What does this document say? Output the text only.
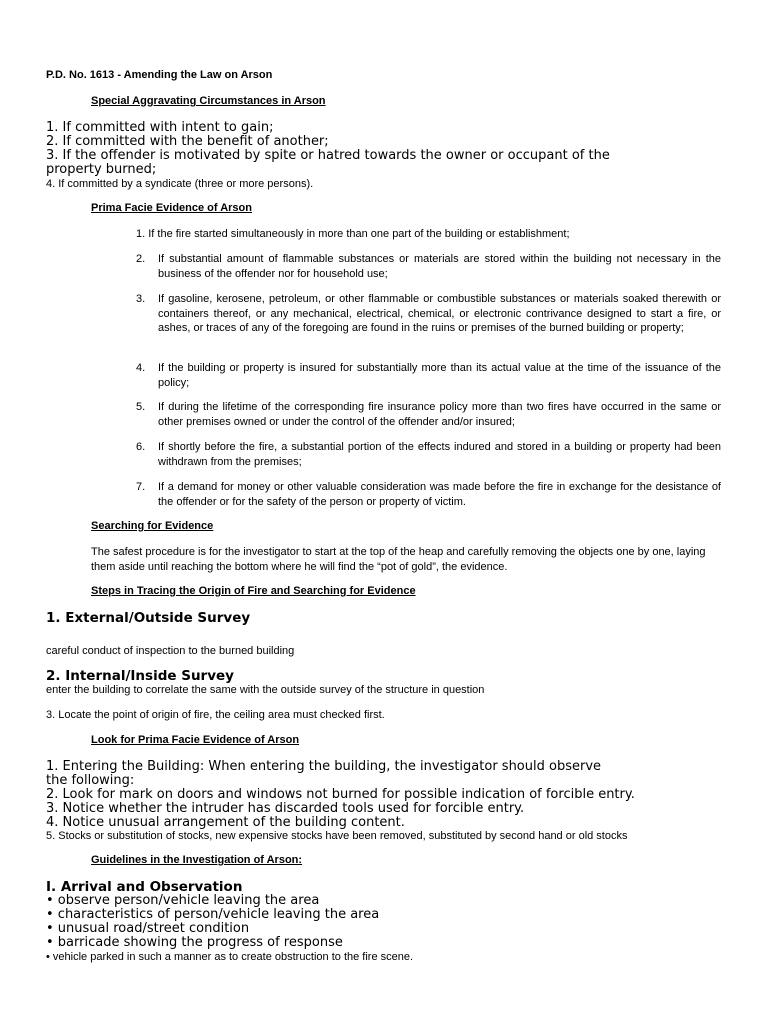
P.D. No. 1613 - Amending the Law on Arson
Special Aggravating Circumstances in Arson
1. If committed with intent to gain;
2. If committed with the benefit of another;
3. If the offender is motivated by spite or hatred towards the owner or occupant of the
property burned;
4. If committed by a syndicate (three or more persons).
Prima Facie Evidence of Arson
1. If the fire started simultaneously in more than one part of the building or establishment;
2. If substantial amount of flammable substances or materials are stored within the building not necessary in the business of the offender nor for household use;
3. If gasoline, kerosene, petroleum, or other flammable or combustible substances or materials soaked therewith or containers thereof, or any mechanical, electrical, chemical, or electronic contrivance designed to start a fire, or ashes, or traces of any of the foregoing are found in the ruins or premises of the burned building or property;
4. If the building or property is insured for substantially more than its actual value at the time of the issuance of the policy;
5. If during the lifetime of the corresponding fire insurance policy more than two fires have occurred in the same or other premises owned or under the control of the offender and/or insured;
6. If shortly before the fire, a substantial portion of the effects indured and stored in a building or property had been withdrawn from the premises;
7. If a demand for money or other valuable consideration was made before the fire in exchange for the desistance of the offender or for the safety of the person or property of victim.
Searching for Evidence
The safest procedure is for the investigator to start at the top of the heap and carefully removing the objects one by one, laying them aside until reaching the bottom where he will find the “pot of gold”, the evidence.
Steps in Tracing the Origin of Fire and Searching for Evidence
1. External/Outside Survey
careful conduct of inspection to the burned building
2. Internal/Inside Survey
enter the building to correlate the same with the outside survey of the structure in question
3. Locate the point of origin of fire, the ceiling area must checked first.
Look for Prima Facie Evidence of Arson
1. Entering the Building: When entering the building, the investigator should observe
the following:
2. Look for mark on doors and windows not burned for possible indication of forcible entry.
3. Notice whether the intruder has discarded tools used for forcible entry.
4. Notice unusual arrangement of the building content.
5. Stocks or substitution of stocks, new expensive stocks have been removed, substituted by second hand or old stocks
Guidelines in the Investigation of Arson:
I. Arrival and Observation
• observe person/vehicle leaving the area
• characteristics of person/vehicle leaving the area
• unusual road/street condition
• barricade showing the progress of response
• vehicle parked in such a manner as to create obstruction to the fire scene.
